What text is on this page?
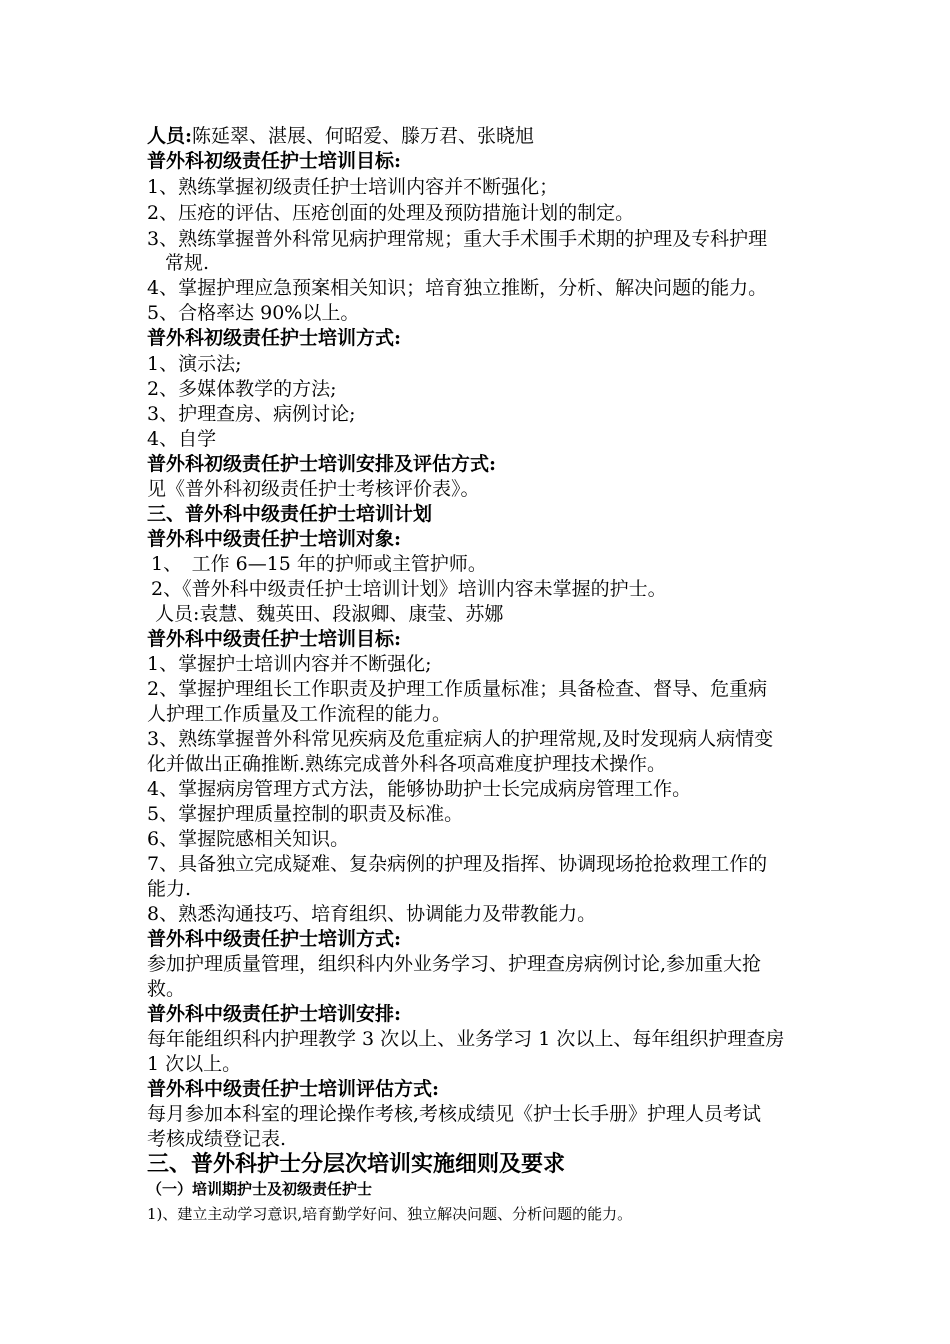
人员:陈延翠、湛展、何昭爱、滕万君、张晓旭
普外科初级责任护士培训目标:
1、熟练掌握初级责任护士培训内容并不断强化；
2、压疮的评估、压疮创面的处理及预防措施计划的制定。
3、熟练掌握普外科常见病护理常规；重大手术围手术期的护理及专科护理
常规.
4、掌握护理应急预案相关知识；培育独立推断，分析、解决问题的能力。
5、合格率达 90%以上。
普外科初级责任护士培训方式:
1、演示法;
2、多媒体教学的方法;
3、护理查房、病例讨论;
4、自学
普外科初级责任护士培训安排及评估方式:
见《普外科初级责任护士考核评价表》。
三、普外科中级责任护士培训计划
普外科中级责任护士培训对象:
1、　工作 6—15 年的护师或主管护师。
2、《普外科中级责任护士培训计划》培训内容未掌握的护士。
人员:袁慧、魏英田、段淑卿、康莹、苏娜
普外科中级责任护士培训目标:
1、掌握护士培训内容并不断强化;
2、掌握护理组长工作职责及护理工作质量标准；具备检查、督导、危重病
人护理工作质量及工作流程的能力。
3、熟练掌握普外科常见疾病及危重症病人的护理常规,及时发现病人病情变
化并做出正确推断.熟练完成普外科各项高难度护理技术操作。
4、掌握病房管理方式方法，能够协助护士长完成病房管理工作。
5、掌握护理质量控制的职责及标准。
6、掌握院感相关知识。
7、具备独立完成疑难、复杂病例的护理及指挥、协调现场抢抢救理工作的
能力.
8、熟悉沟通技巧、培育组织、协调能力及带教能力。
普外科中级责任护士培训方式:
参加护理质量管理，组织科内外业务学习、护理查房病例讨论,参加重大抢
救。
普外科中级责任护士培训安排:
每年能组织科内护理教学 3 次以上、业务学习 1 次以上、每年组织护理查房
1 次以上。
普外科中级责任护士培训评估方式:
每月参加本科室的理论操作考核,考核成绩见《护士长手册》护理人员考试
考核成绩登记表.
三、普外科护士分层次培训实施细则及要求
（一）培训期护士及初级责任护士
1)、建立主动学习意识,培育勤学好问、独立解决问题、分析问题的能力。
